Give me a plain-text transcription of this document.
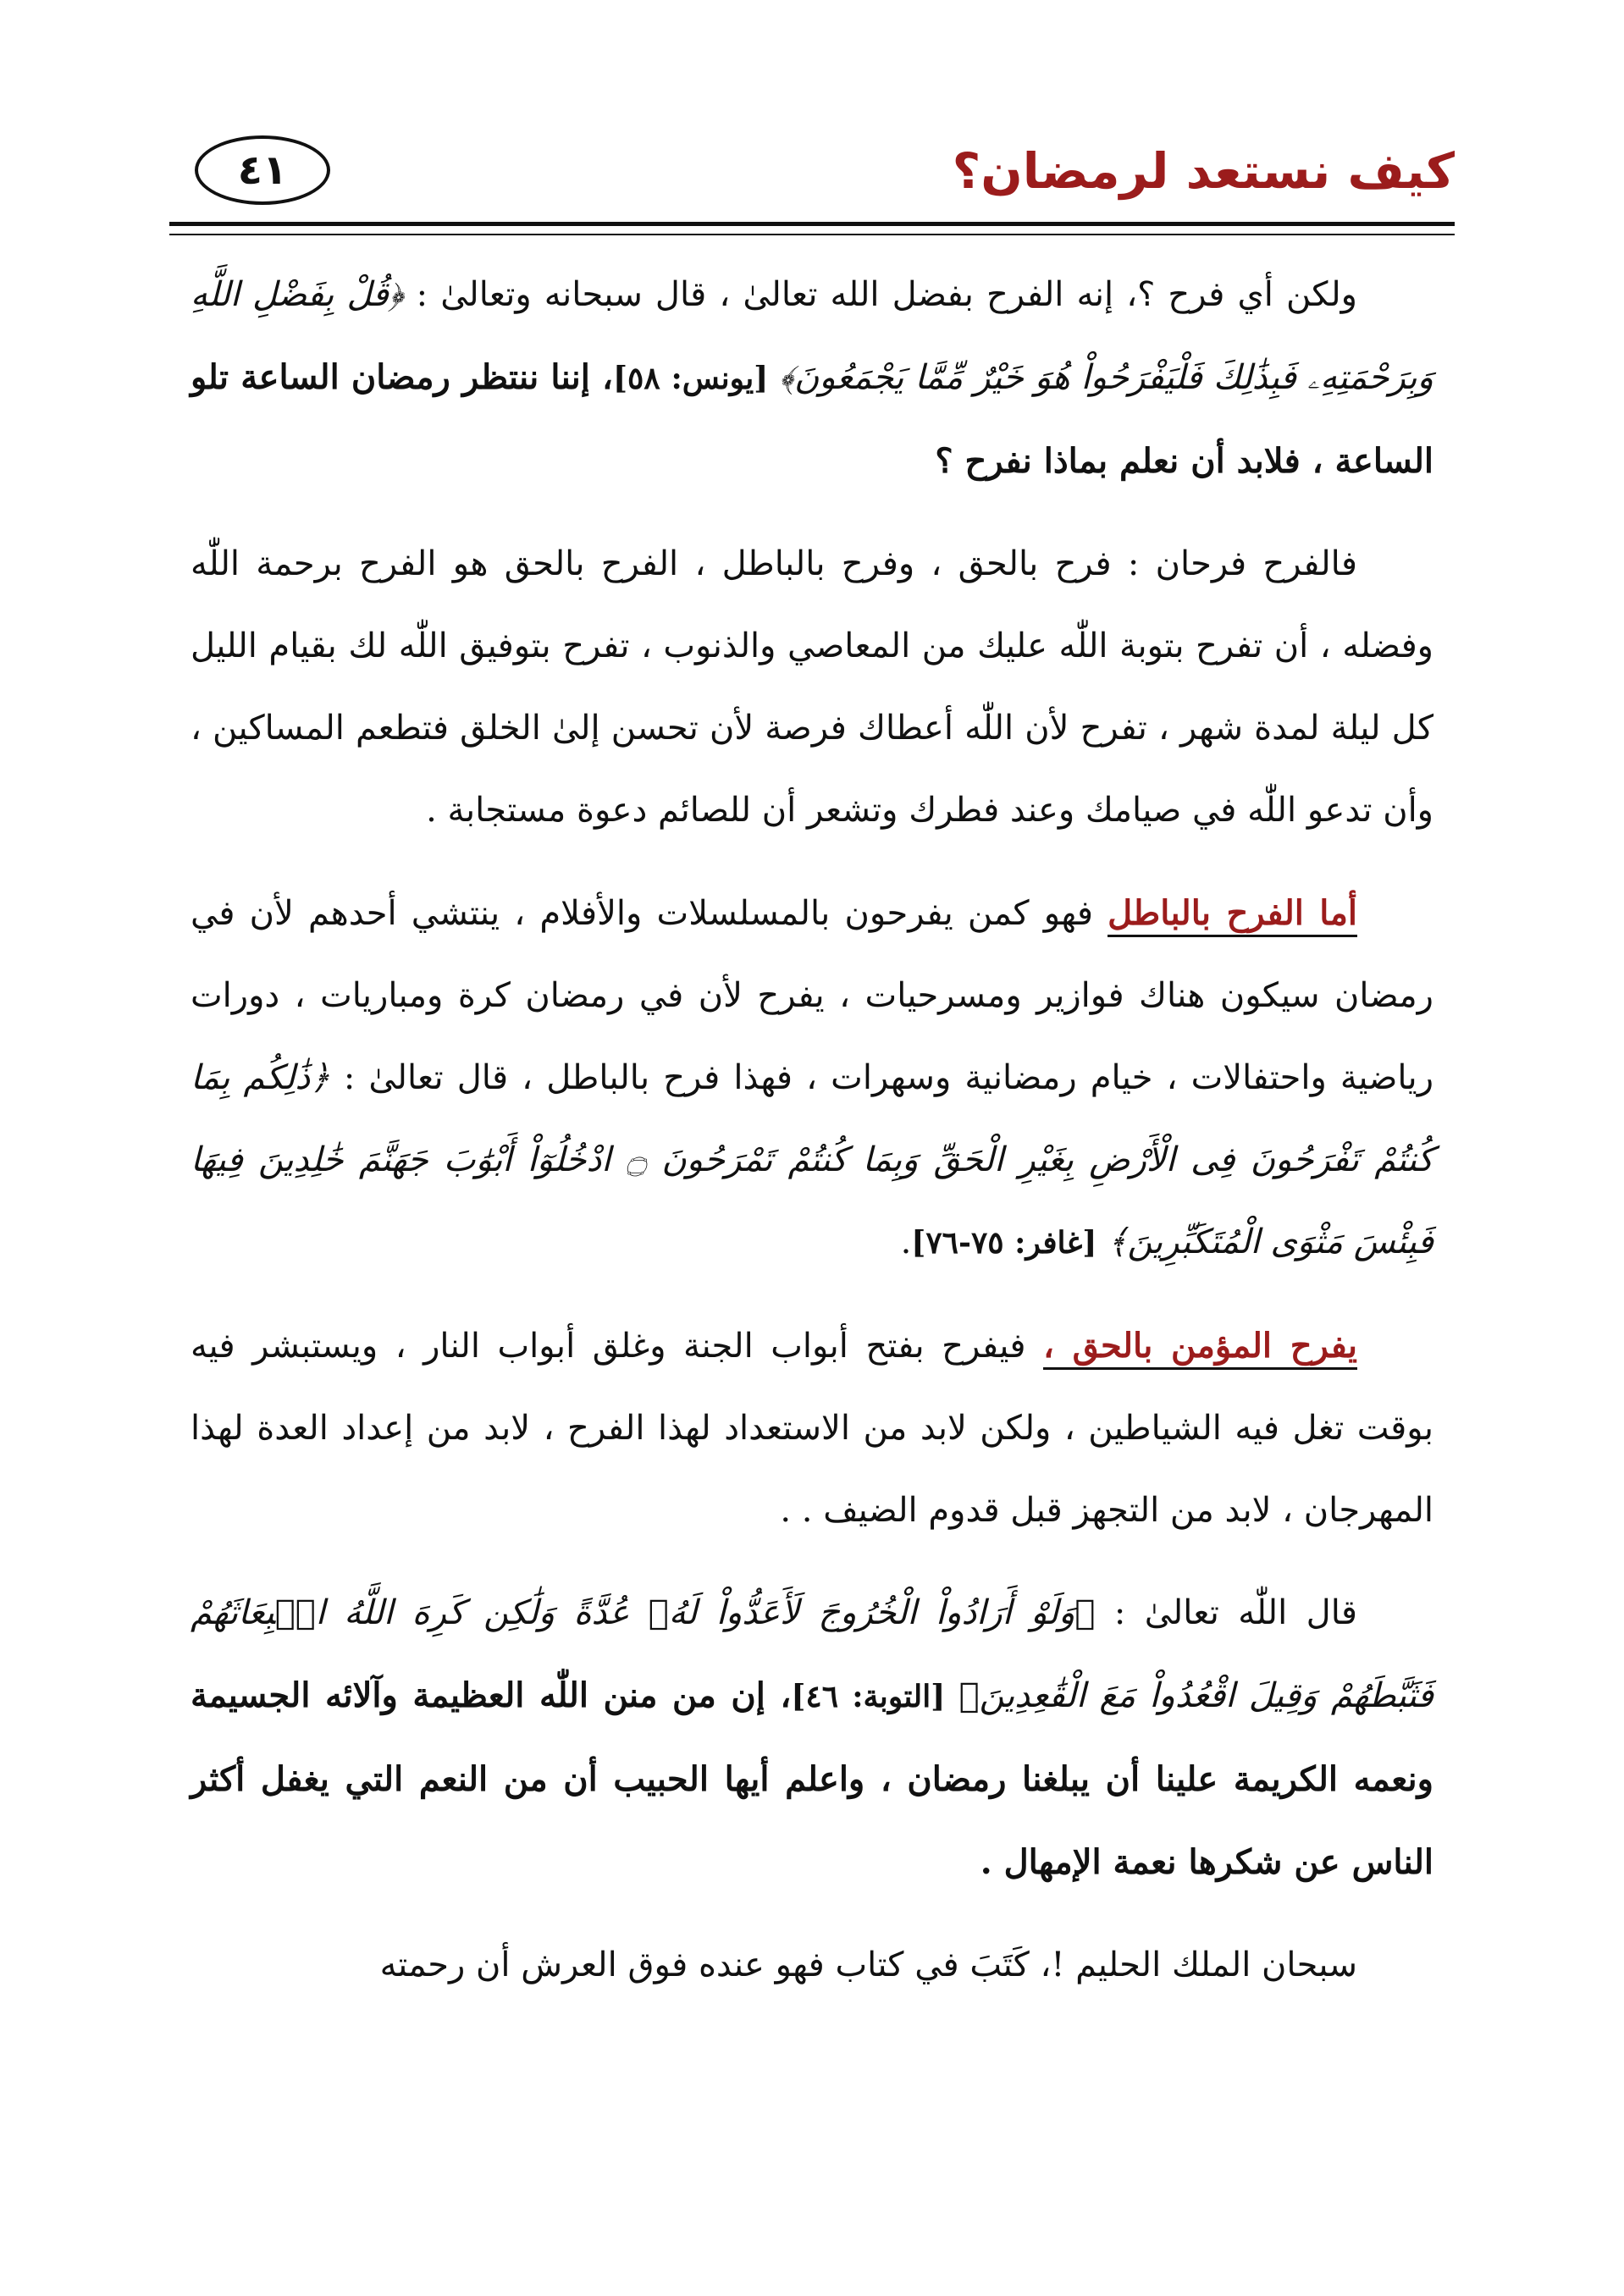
كيف نستعد لرمضان؟
٤١

ولكن أي فرح ؟، إنه الفرح بفضل الله تعالىٰ ، قال سبحانه وتعالىٰ : ﴿قُلْ بِفَضْلِ اللَّهِ وَبِرَحْمَتِهِۦ فَبِذَٰلِكَ فَلْيَفْرَحُواْ هُوَ خَيْرٌ مِّمَّا يَجْمَعُونَ﴾ [يونس: ٥٨]، إننا ننتظر رمضان الساعة تلو الساعة ، فلابد أن نعلم بماذا نفرح ؟

فالفرح فرحان : فرح بالحق ، وفرح بالباطل ، الفرح بالحق هو الفرح برحمة اللّٰه وفضله ، أن تفرح بتوبة اللّٰه عليك من المعاصي والذنوب ، تفرح بتوفيق اللّٰه لك بقيام الليل كل ليلة لمدة شهر ، تفرح لأن اللّٰه أعطاك فرصة لأن تحسن إلىٰ الخلق فتطعم المساكين ، وأن تدعو اللّٰه في صيامك وعند فطرك وتشعر أن للصائم دعوة مستجابة .

أما الفرح بالباطل فهو كمن يفرحون بالمسلسلات والأفلام ، ينتشي أحدهم لأن في رمضان سيكون هناك فوازير ومسرحيات ، يفرح لأن في رمضان كرة ومباريات ، دورات رياضية واحتفالات ، خيام رمضانية وسهرات ، فهذا فرح بالباطل ، قال تعالىٰ : ﴿ذَٰلِكُم بِمَا كُنتُمْ تَفْرَحُونَ فِى الْأَرْضِ بِغَيْرِ الْحَقِّ وَبِمَا كُنتُمْ تَمْرَحُونَ ۝ ادْخُلُوٓاْ أَبْوَٰبَ جَهَنَّمَ خَٰلِدِينَ فِيهَا فَبِئْسَ مَثْوَى الْمُتَكَبِّرِينَ﴾ [غافر: ٧٥-٧٦].

يفرح المؤمن بالحق ، فيفرح بفتح أبواب الجنة وغلق أبواب النار ، ويستبشر فيه بوقت تغل فيه الشياطين ، ولكن لابد من الاستعداد لهذا الفرح ، لابد من إعداد العدة لهذا المهرجان ، لابد من التجهز قبل قدوم الضيف . .

قال اللّٰه تعالىٰ : ﴿وَلَوْ أَرَادُواْ الْخُرُوجَ لَأَعَدُّواْ لَهُۥ عُدَّةً وَلَٰكِن كَرِهَ اللَّهُ انۢبِعَاثَهُمْ فَثَبَّطَهُمْ وَقِيلَ اقْعُدُواْ مَعَ الْقَٰعِدِينَ﴾ [التوبة: ٤٦]، إن من منن اللّٰه العظيمة وآلائه الجسيمة ونعمه الكريمة علينا أن يبلغنا رمضان ، واعلم أيها الحبيب أن من النعم التي يغفل أكثر الناس عن شكرها نعمة الإمهال .

سبحان الملك الحليم !، كَتَبَ في كتاب فهو عنده فوق العرش أن رحمته
